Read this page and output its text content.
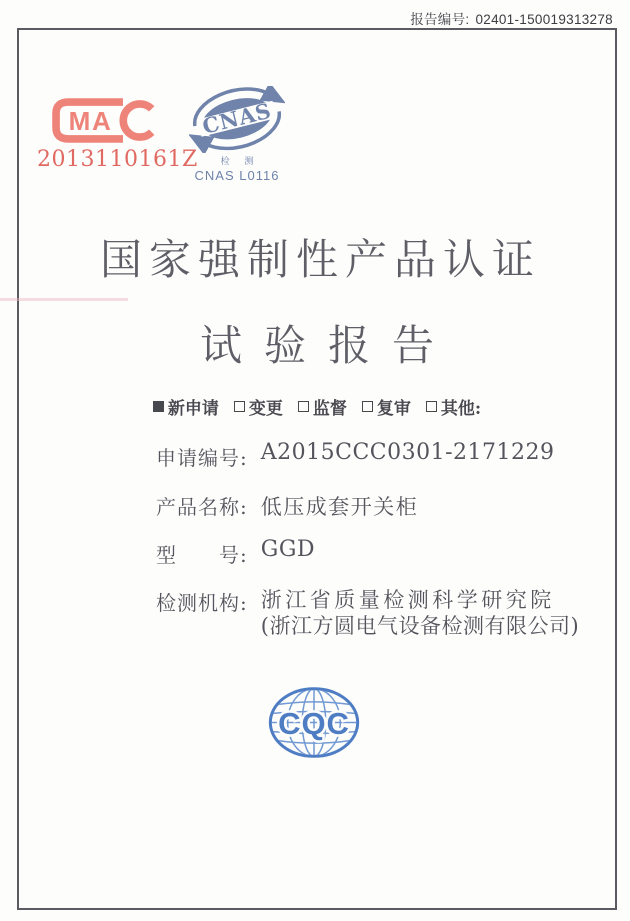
报告编号: 02401-150019313278
MA
2013110161Z
CNAS
检 测
CNAS L0116
国家强制性产品认证
试验报告
新申请 变更 监督 复审 其他:
申请编号: A2015CCC0301-2171229
产品名称: 低压成套开关柜
型　　号: GGD
检测机构: 浙江省质量检测科学研究院
(浙江方圆电气设备检测有限公司)
CQC
